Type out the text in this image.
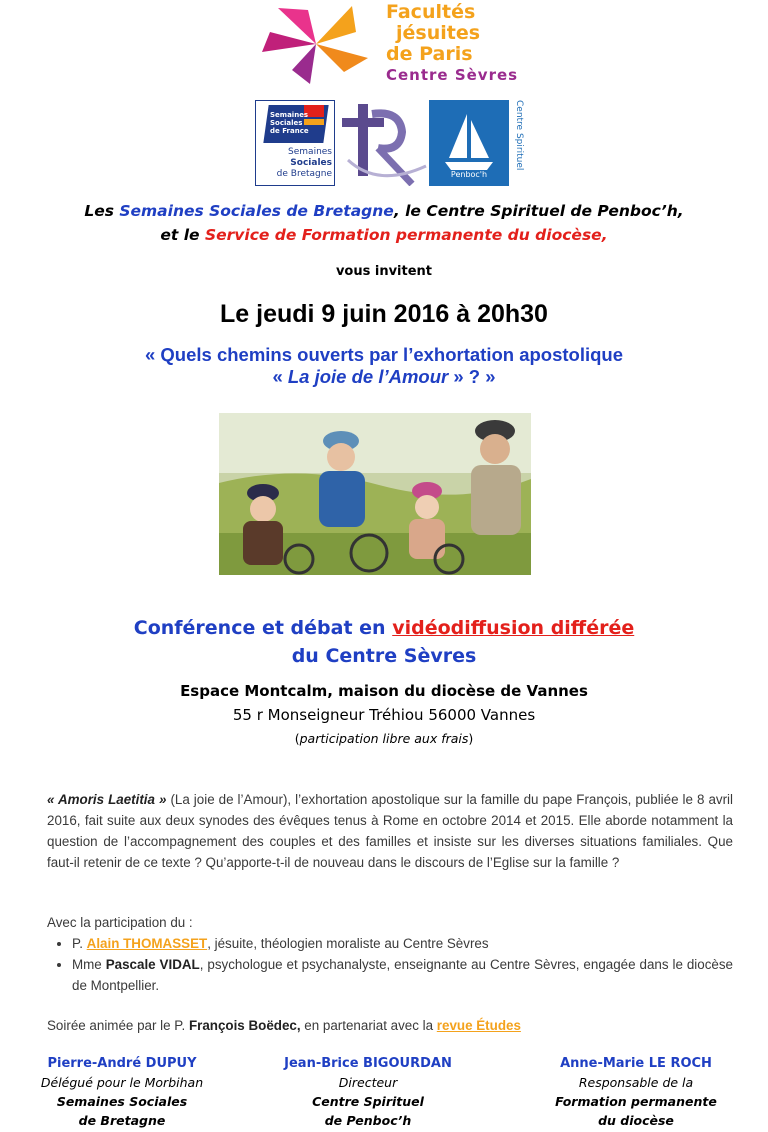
Facultés
jésuites
de Paris
Centre Sèvres
Semaines
Sociales
de France
Semaines
Sociales
de Bretagne	Penboc'h
Centre Spirituel
Les Semaines Sociales de Bretagne, le Centre Spirituel de Penboc’h,
et le Service de Formation permanente du diocèse,
vous invitent
Le jeudi 9 juin 2016 à 20h30
« Quels chemins ouverts par l’exhortation apostolique
« La joie de l’Amour » ? »
Conférence et débat en vidéodiffusion différée
du Centre Sèvres
Espace Montcalm, maison du diocèse de Vannes
55 r Monseigneur Tréhiou 56000 Vannes
(participation libre aux frais)
« Amoris Laetitia » (La joie de l’Amour), l’exhortation apostolique sur la famille du pape François, publiée le 8 avril 2016, fait suite aux deux synodes des évêques tenus à Rome en octobre 2014 et 2015. Elle aborde notamment la question de l’accompagnement des couples et des familles et insiste sur les diverses situations familiales. Que faut-il retenir de ce texte ? Qu’apporte-t-il de nouveau dans le discours de l’Eglise sur la famille ?
Avec la participation du :
• P. Alain THOMASSET, jésuite, théologien moraliste au Centre Sèvres
• Mme Pascale VIDAL, psychologue et psychanalyste, enseignante au Centre Sèvres, engagée dans le diocèse de Montpellier.
Soirée animée par le P. François Boëdec, en partenariat avec la revue Études
Pierre-André DUPUY
Délégué pour le Morbihan
Semaines Sociales
de Bretagne
Jean-Brice BIGOURDAN
Directeur
Centre Spirituel
de Penboc’h
Anne-Marie LE ROCH
Responsable de la
Formation permanente
du diocèse
